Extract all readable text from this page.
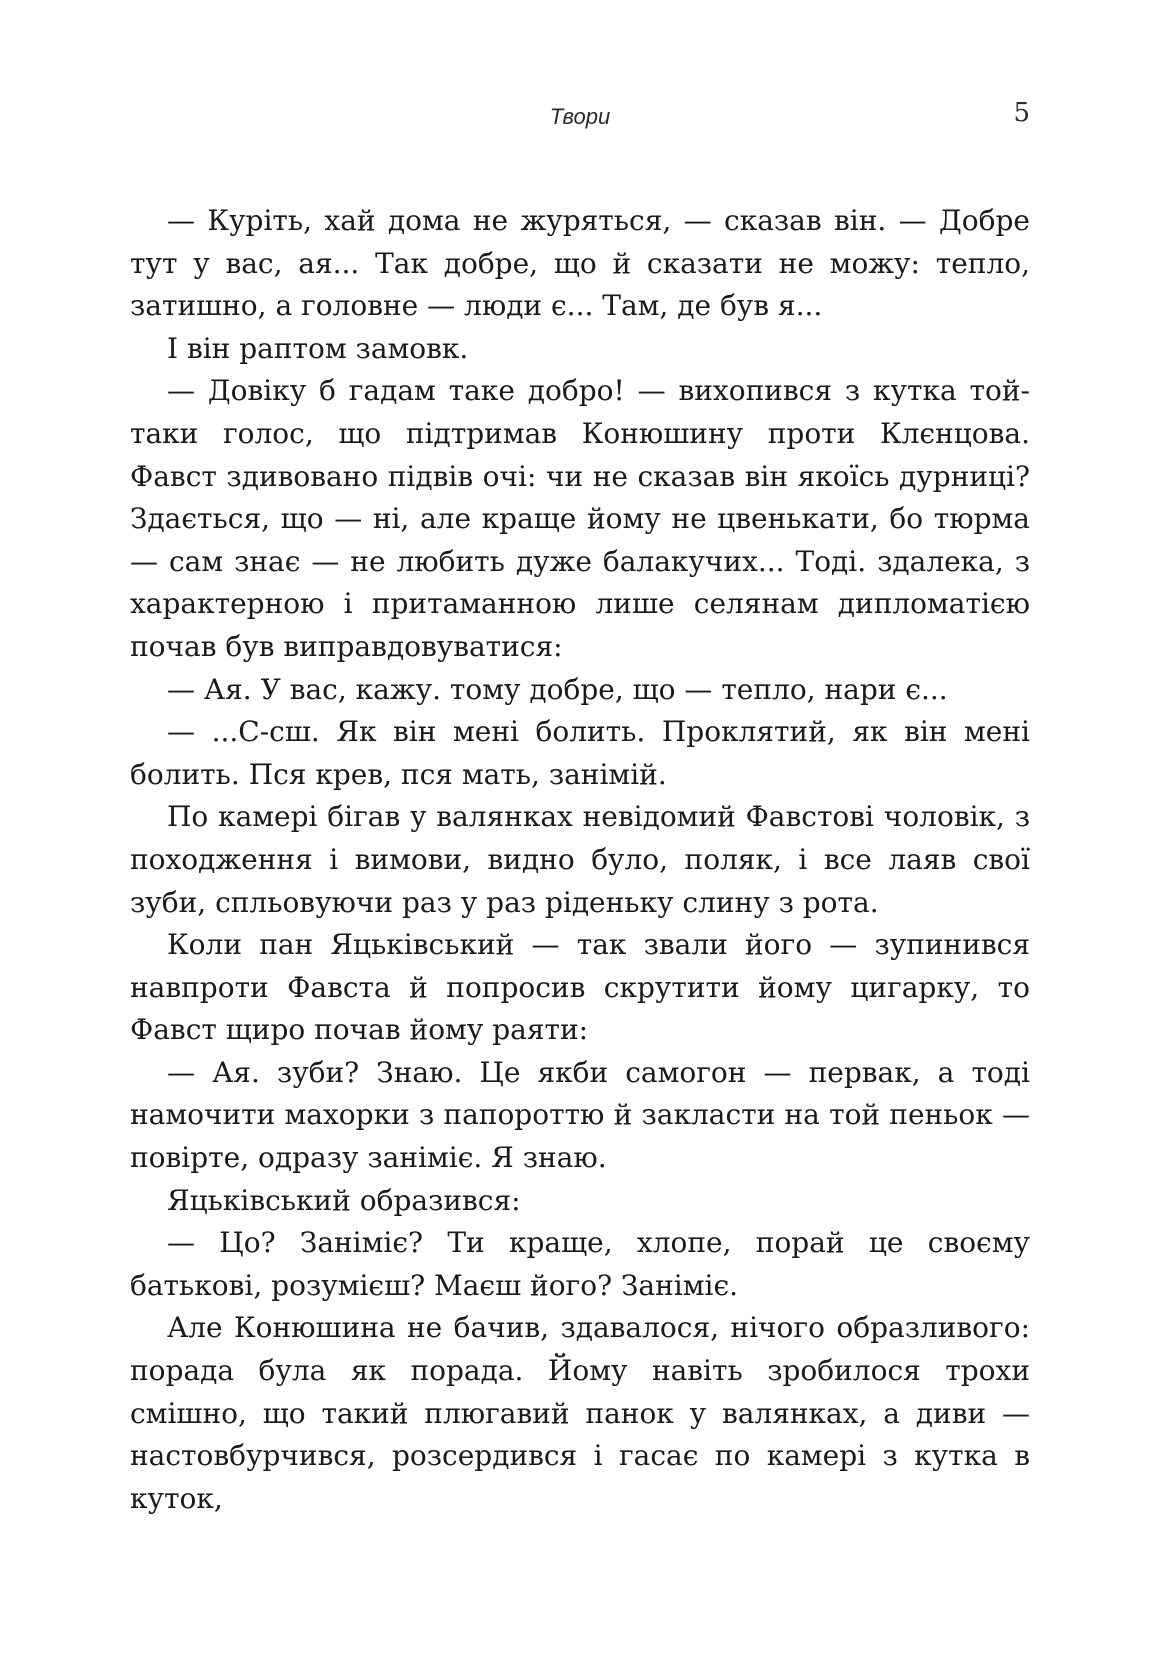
Твори	5

— Куріть, хай дома не журяться, — сказав він. — Добре тут у вас, ая... Так добре, що й сказати не можу: тепло, затишно, а головне — люди є... Там, де був я...

І він раптом замовк.

— Довіку б гадам таке добро! — вихопився з кутка той-таки голос, що підтримав Конюшину проти Клєнцова. Фавст здивовано підвів очі: чи не сказав він якоїсь дурниці? Здається, що — ні, але краще йому не цвенькати, бо тюрма — сам знає — не любить дуже балакучих... Тоді. здалека, з характерною і притаманною лише селянам дипломатією почав був виправдовуватися:

— Ая. У вас, кажу. тому добре, що — тепло, нари є...

— ...С-сш. Як він мені болить. Проклятий, як він мені болить. Пся крев, пся мать, занімій.

По камері бігав у валянках невідомий Фавстові чоловік, з походження і вимови, видно було, поляк, і все лаяв свої зуби, спльовуючи раз у раз рiденьку слину з рота.

Коли пан Яцьківський — так звали його — зупинився навпроти Фавста й попросив скрутити йому цигарку, то Фавст щиро почав йому раяти:

— Ая. зуби? Знаю. Це якби самогон — первак, а тоді намочити махорки з папороттю й закласти на той пеньок — повірте, одразу заніміє. Я знаю.

Яцьківський образився:

— Цо? Заніміє? Ти краще, хлопе, порай це своєму батькові, розумієш? Маєш його? Заніміє.

Але Конюшина не бачив, здавалося, нічого образливого: порада була як порада. Йому навіть зробилося трохи смішно, що такий плюгавий панок у валянках, а диви — настовбурчився, розсердився і гасає по камері з кутка в куток,
